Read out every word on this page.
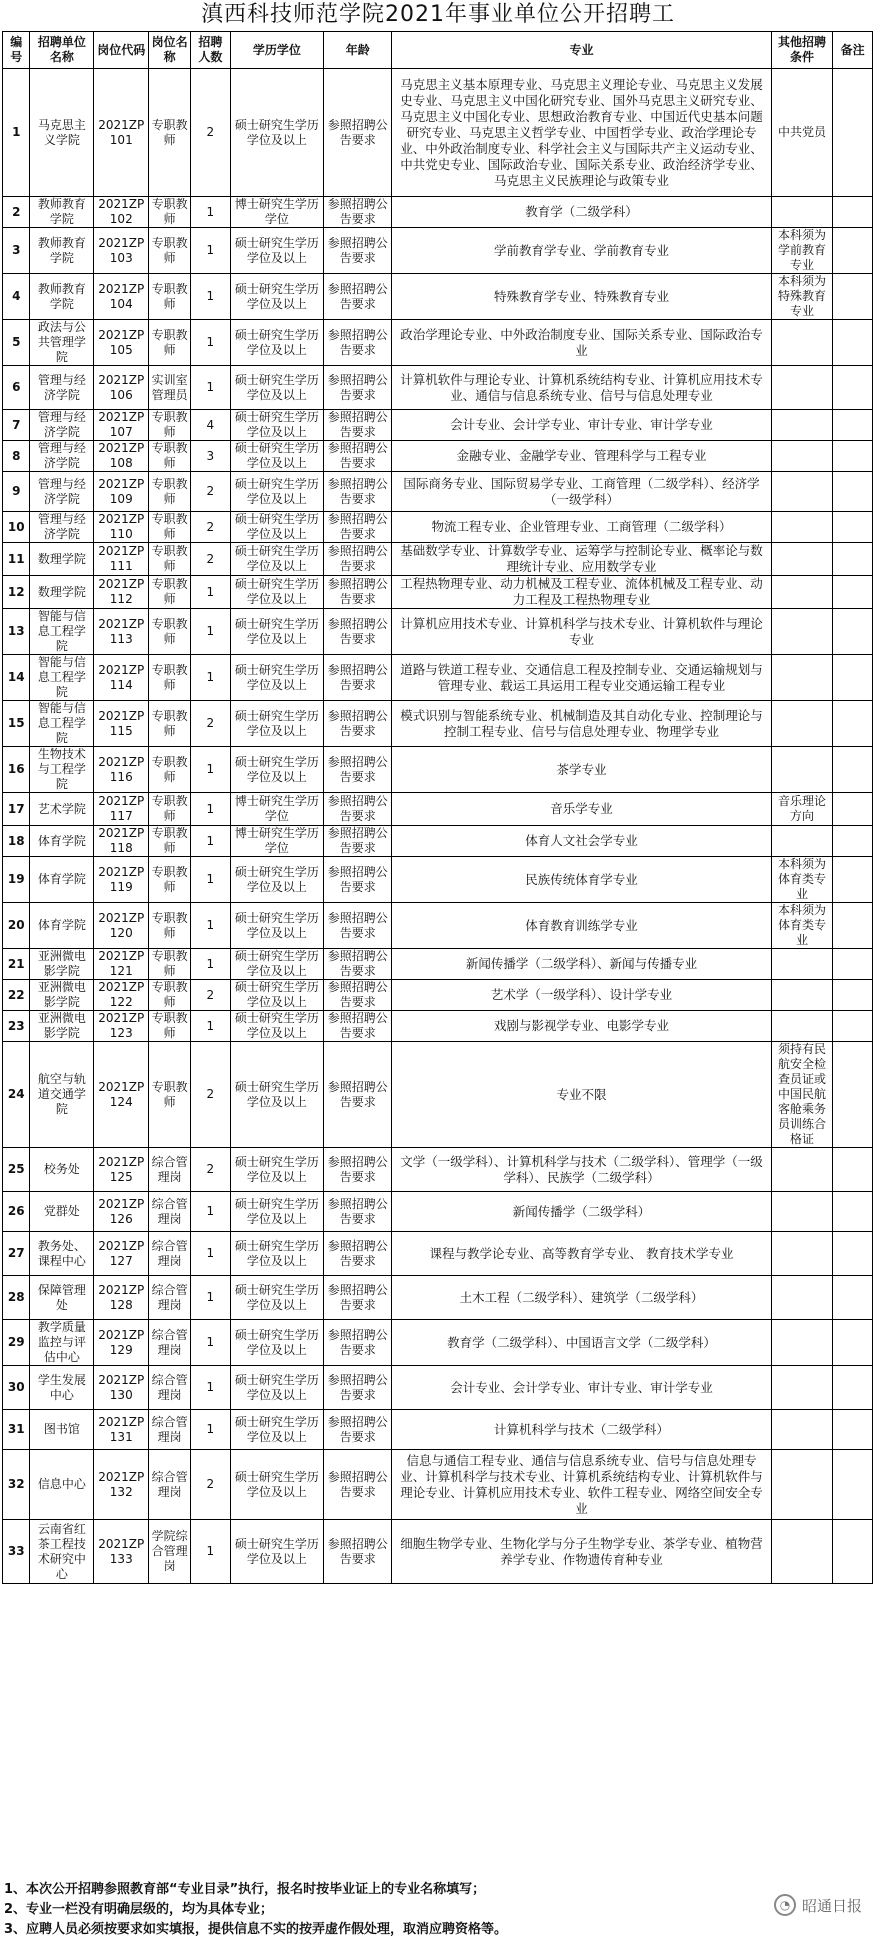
滇西科技师范学院2021年事业单位公开招聘工
编号	招聘单位名称	岗位代码	岗位名称	招聘人数	学历学位	年龄	专业	其他招聘条件	备注
1	马克思主义学院	2021ZP101	专职教师	2	硕士研究生学历学位及以上	参照招聘公告要求	马克思主义基本原理专业、马克思主义理论专业、马克思主义发展史专业、马克思主义中国化研究专业、国外马克思主义研究专业、马克思主义中国化专业、思想政治教育专业、中国近代史基本问题研究专业、马克思主义哲学专业、中国哲学专业、政治学理论专业、中外政治制度专业、科学社会主义与国际共产主义运动专业、中共党史专业、国际政治专业、国际关系专业、政治经济学专业、马克思主义民族理论与政策专业	中共党员	
2	教师教育学院	2021ZP102	专职教师	1	博士研究生学历学位	参照招聘公告要求	教育学（二级学科）		
3	教师教育学院	2021ZP103	专职教师	1	硕士研究生学历学位及以上	参照招聘公告要求	学前教育学专业、学前教育专业	本科须为学前教育专业	
4	教师教育学院	2021ZP104	专职教师	1	硕士研究生学历学位及以上	参照招聘公告要求	特殊教育学专业、特殊教育专业	本科须为特殊教育专业	
5	政法与公共管理学院	2021ZP105	专职教师	1	硕士研究生学历学位及以上	参照招聘公告要求	政治学理论专业、中外政治制度专业、国际关系专业、国际政治专业		
6	管理与经济学院	2021ZP106	实训室管理员	1	硕士研究生学历学位及以上	参照招聘公告要求	计算机软件与理论专业、计算机系统结构专业、计算机应用技术专业、通信与信息系统专业、信号与信息处理专业		
7	管理与经济学院	2021ZP107	专职教师	4	硕士研究生学历学位及以上	参照招聘公告要求	会计专业、会计学专业、审计专业、审计学专业		
8	管理与经济学院	2021ZP108	专职教师	3	硕士研究生学历学位及以上	参照招聘公告要求	金融专业、金融学专业、管理科学与工程专业		
9	管理与经济学院	2021ZP109	专职教师	2	硕士研究生学历学位及以上	参照招聘公告要求	国际商务专业、国际贸易学专业、工商管理（二级学科）、经济学（一级学科）		
10	管理与经济学院	2021ZP110	专职教师	2	硕士研究生学历学位及以上	参照招聘公告要求	物流工程专业、企业管理专业、工商管理（二级学科）		
11	数理学院	2021ZP111	专职教师	2	硕士研究生学历学位及以上	参照招聘公告要求	基础数学专业、计算数学专业、运筹学与控制论专业、概率论与数理统计专业、应用数学专业		
12	数理学院	2021ZP112	专职教师	1	硕士研究生学历学位及以上	参照招聘公告要求	工程热物理专业、动力机械及工程专业、流体机械及工程专业、动力工程及工程热物理专业		
13	智能与信息工程学院	2021ZP113	专职教师	1	硕士研究生学历学位及以上	参照招聘公告要求	计算机应用技术专业、计算机科学与技术专业、计算机软件与理论专业		
14	智能与信息工程学院	2021ZP114	专职教师	1	硕士研究生学历学位及以上	参照招聘公告要求	道路与铁道工程专业、交通信息工程及控制专业、交通运输规划与管理专业、载运工具运用工程专业交通运输工程专业		
15	智能与信息工程学院	2021ZP115	专职教师	2	硕士研究生学历学位及以上	参照招聘公告要求	模式识别与智能系统专业、机械制造及其自动化专业、控制理论与控制工程专业、信号与信息处理专业、物理学专业		
16	生物技术与工程学院	2021ZP116	专职教师	1	硕士研究生学历学位及以上	参照招聘公告要求	茶学专业		
17	艺术学院	2021ZP117	专职教师	1	博士研究生学历学位	参照招聘公告要求	音乐学专业	音乐理论方向	
18	体育学院	2021ZP118	专职教师	1	博士研究生学历学位	参照招聘公告要求	体育人文社会学专业		
19	体育学院	2021ZP119	专职教师	1	硕士研究生学历学位及以上	参照招聘公告要求	民族传统体育学专业	本科须为体育类专业	
20	体育学院	2021ZP120	专职教师	1	硕士研究生学历学位及以上	参照招聘公告要求	体育教育训练学专业	本科须为体育类专业	
21	亚洲微电影学院	2021ZP121	专职教师	1	硕士研究生学历学位及以上	参照招聘公告要求	新闻传播学（二级学科）、新闻与传播专业		
22	亚洲微电影学院	2021ZP122	专职教师	2	硕士研究生学历学位及以上	参照招聘公告要求	艺术学（一级学科）、设计学专业		
23	亚洲微电影学院	2021ZP123	专职教师	1	硕士研究生学历学位及以上	参照招聘公告要求	戏剧与影视学专业、电影学专业		
24	航空与轨道交通学院	2021ZP124	专职教师	2	硕士研究生学历学位及以上	参照招聘公告要求	专业不限	须持有民航安全检查员证或中国民航客舱乘务员训练合格证	
25	校务处	2021ZP125	综合管理岗	2	硕士研究生学历学位及以上	参照招聘公告要求	文学（一级学科）、计算机科学与技术（二级学科）、管理学（一级学科）、民族学（二级学科）		
26	党群处	2021ZP126	综合管理岗	1	硕士研究生学历学位及以上	参照招聘公告要求	新闻传播学（二级学科）		
27	教务处、课程中心	2021ZP127	综合管理岗	1	硕士研究生学历学位及以上	参照招聘公告要求	课程与教学论专业、高等教育学专业、 教育技术学专业		
28	保障管理处	2021ZP128	综合管理岗	1	硕士研究生学历学位及以上	参照招聘公告要求	土木工程（二级学科）、建筑学（二级学科）		
29	教学质量监控与评估中心	2021ZP129	综合管理岗	1	硕士研究生学历学位及以上	参照招聘公告要求	教育学（二级学科）、中国语言文学（二级学科）		
30	学生发展中心	2021ZP130	综合管理岗	1	硕士研究生学历学位及以上	参照招聘公告要求	会计专业、会计学专业、审计专业、审计学专业		
31	图书馆	2021ZP131	综合管理岗	1	硕士研究生学历学位及以上	参照招聘公告要求	计算机科学与技术（二级学科）		
32	信息中心	2021ZP132	综合管理岗	2	硕士研究生学历学位及以上	参照招聘公告要求	信息与通信工程专业、通信与信息系统专业、信号与信息处理专业、计算机科学与技术专业、计算机系统结构专业、计算机软件与理论专业、计算机应用技术专业、软件工程专业、网络空间安全专业		
33	云南省红茶工程技术研究中心	2021ZP133	学院综合管理岗	1	硕士研究生学历学位及以上	参照招聘公告要求	细胞生物学专业、生物化学与分子生物学专业、茶学专业、植物营养学专业、作物遗传育种专业		
1、本次公开招聘参照教育部“专业目录”执行，报名时按毕业证上的专业名称填写；
2、专业一栏没有明确层级的，均为具体专业；
3、应聘人员必须按要求如实填报，提供信息不实的按弄虚作假处理，取消应聘资格等。
◔ 昭通日报
